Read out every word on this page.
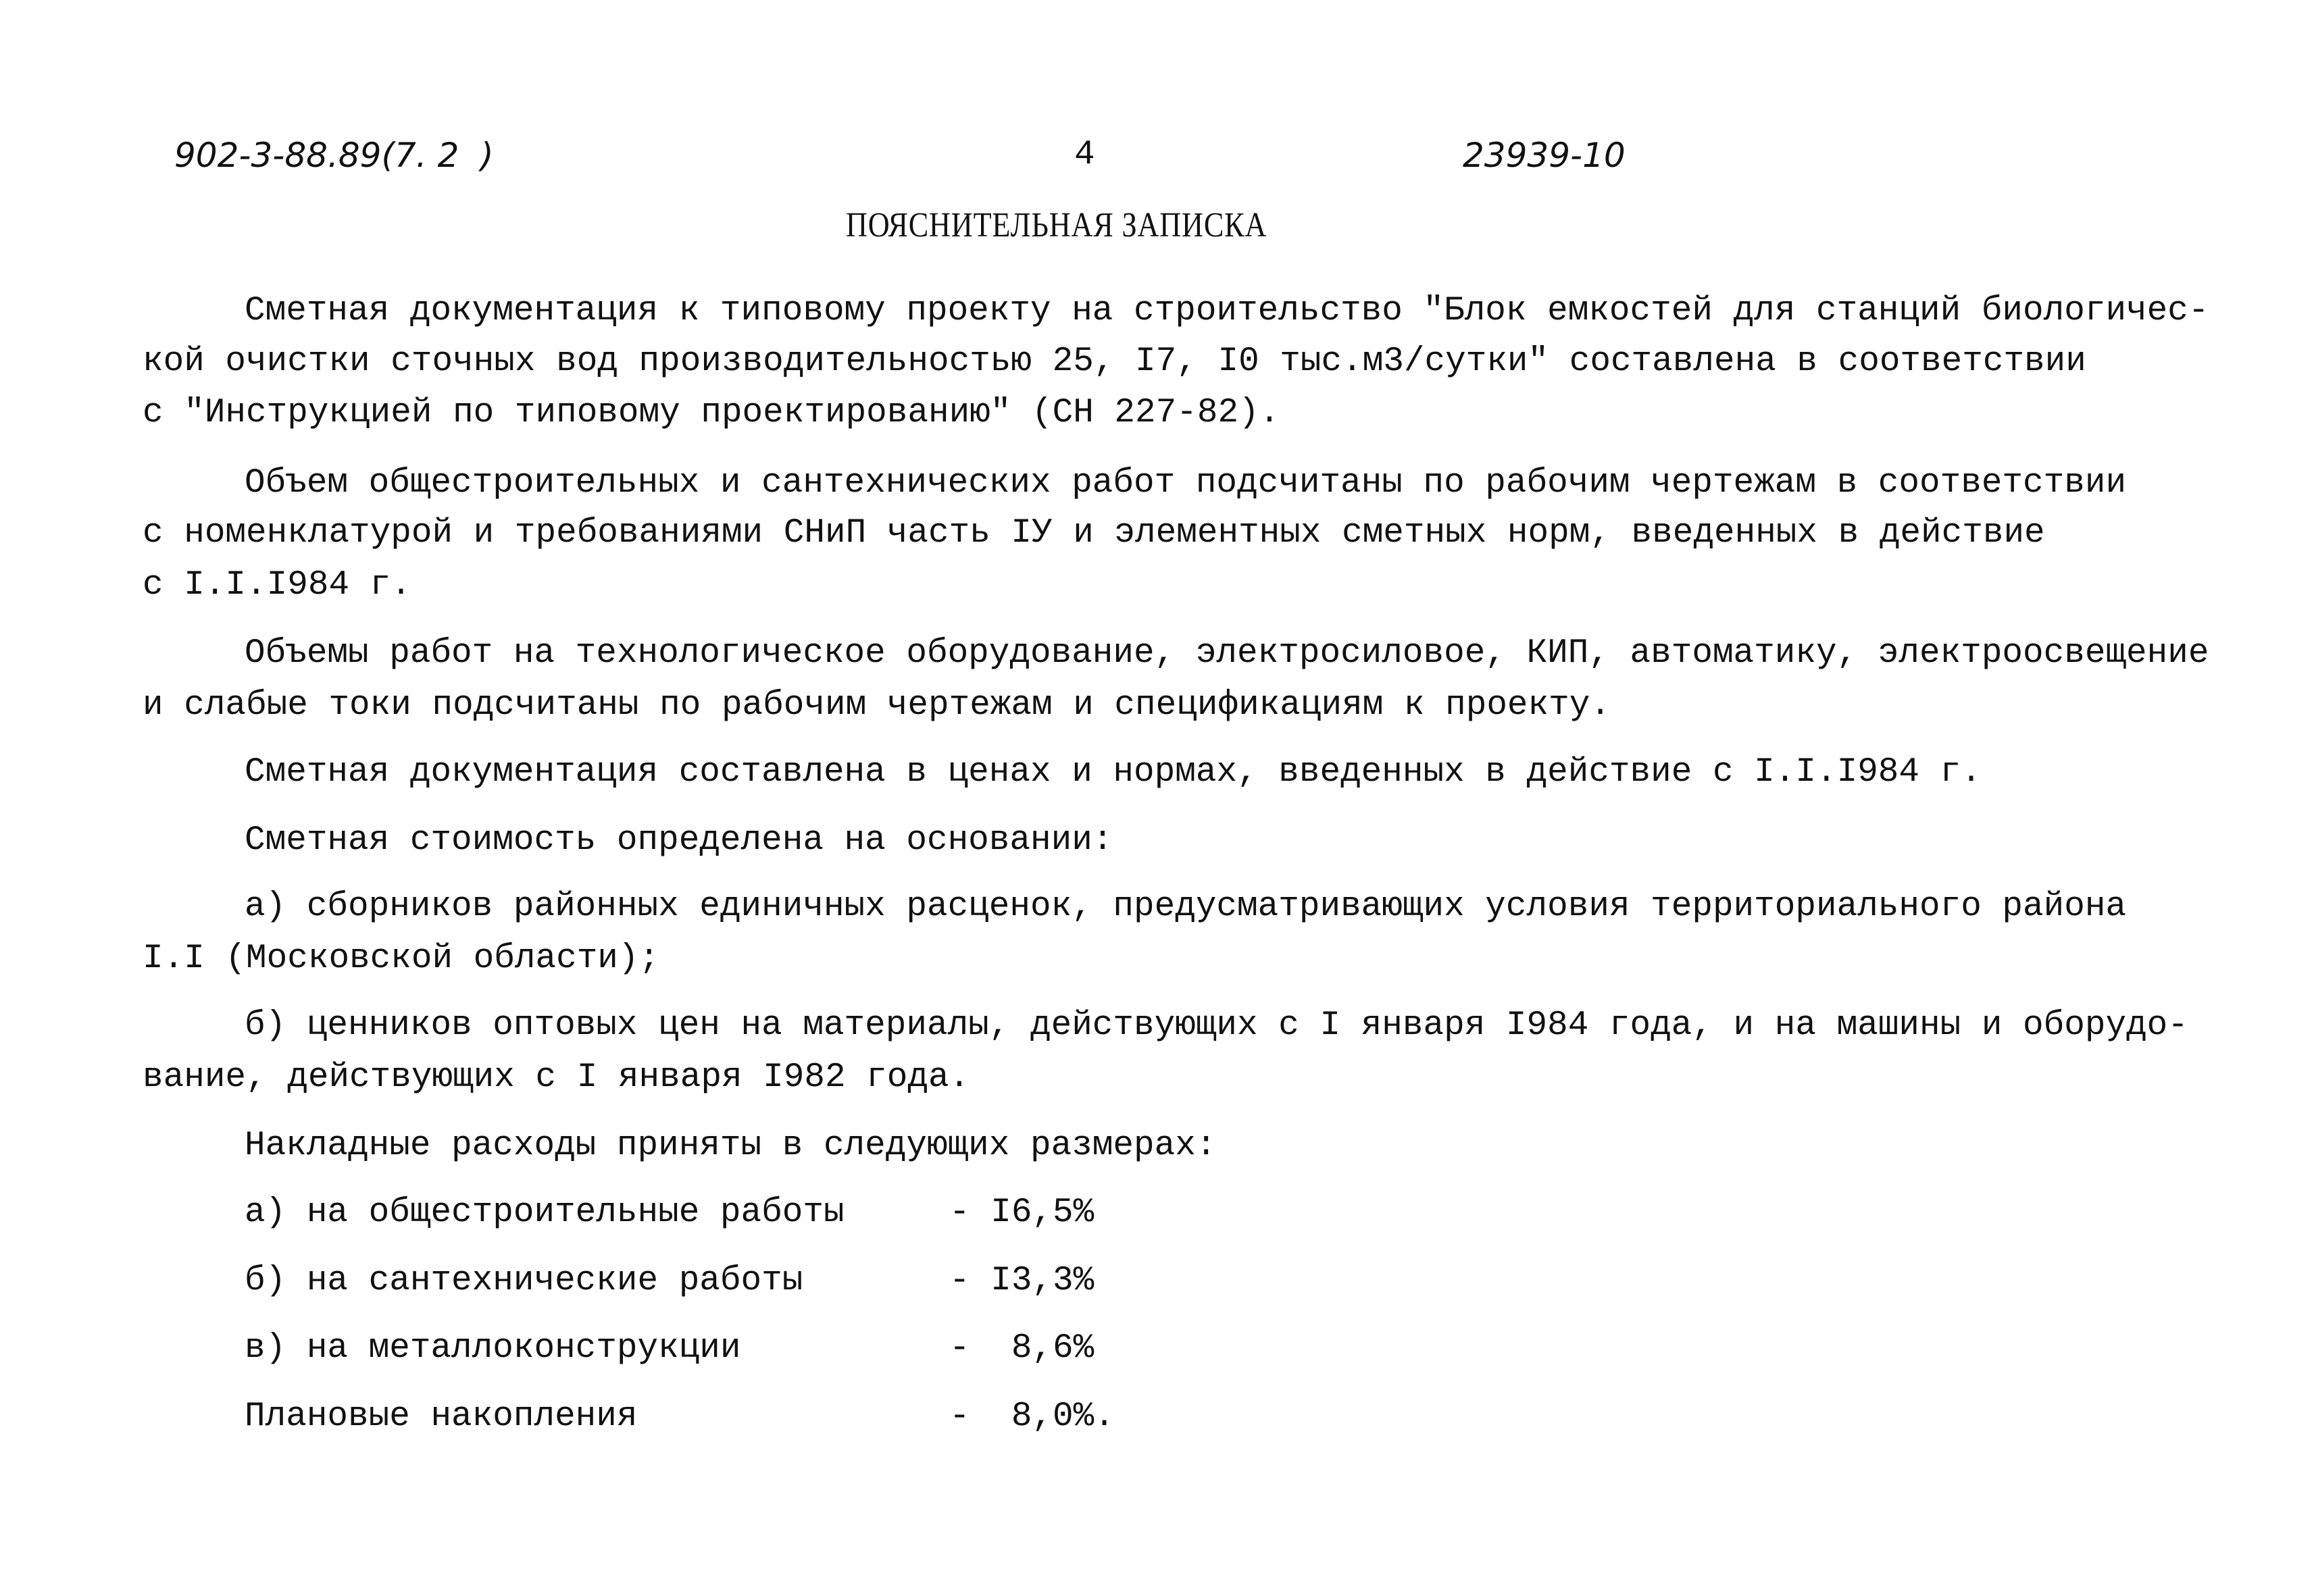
902-3-88.89(7. 2  )	4	23939-10
ПОЯСНИТЕЛЬНАЯ ЗАПИСКА
Сметная документация к типовому проекту на строительство "Блок емкостей для станций биологичес-
кой очистки сточных вод производительностью 25, I7, I0 тыс.м3/сутки" составлена в соответствии
с "Инструкцией по типовому проектированию" (СН 227-82).
Объем общестроительных и сантехнических работ подсчитаны по рабочим чертежам в соответствии
с номенклатурой и требованиями СНиП часть IУ и элементных сметных норм, введенных в действие
с I.I.I984 г.
Объемы работ на технологическое оборудование, электросиловое, КИП, автоматику, электроосвещение
и слабые токи подсчитаны по рабочим чертежам и спецификациям к проекту.
Сметная документация составлена в ценах и нормах, введенных в действие с I.I.I984 г.
Сметная стоимость определена на основании:
а) сборников районных единичных расценок, предусматривающих условия территориального района
I.I (Московской области);
б) ценников оптовых цен на материалы, действующих с I января I984 года, и на машины и оборудо-
вание, действующих с I января I982 года.
Накладные расходы приняты в следующих размерах:
а) на общестроительные работы	- I6,5%
б) на сантехнические работы	- I3,3%
в) на металлоконструкции	-  8,6%
Плановые накопления	-  8,0%.
